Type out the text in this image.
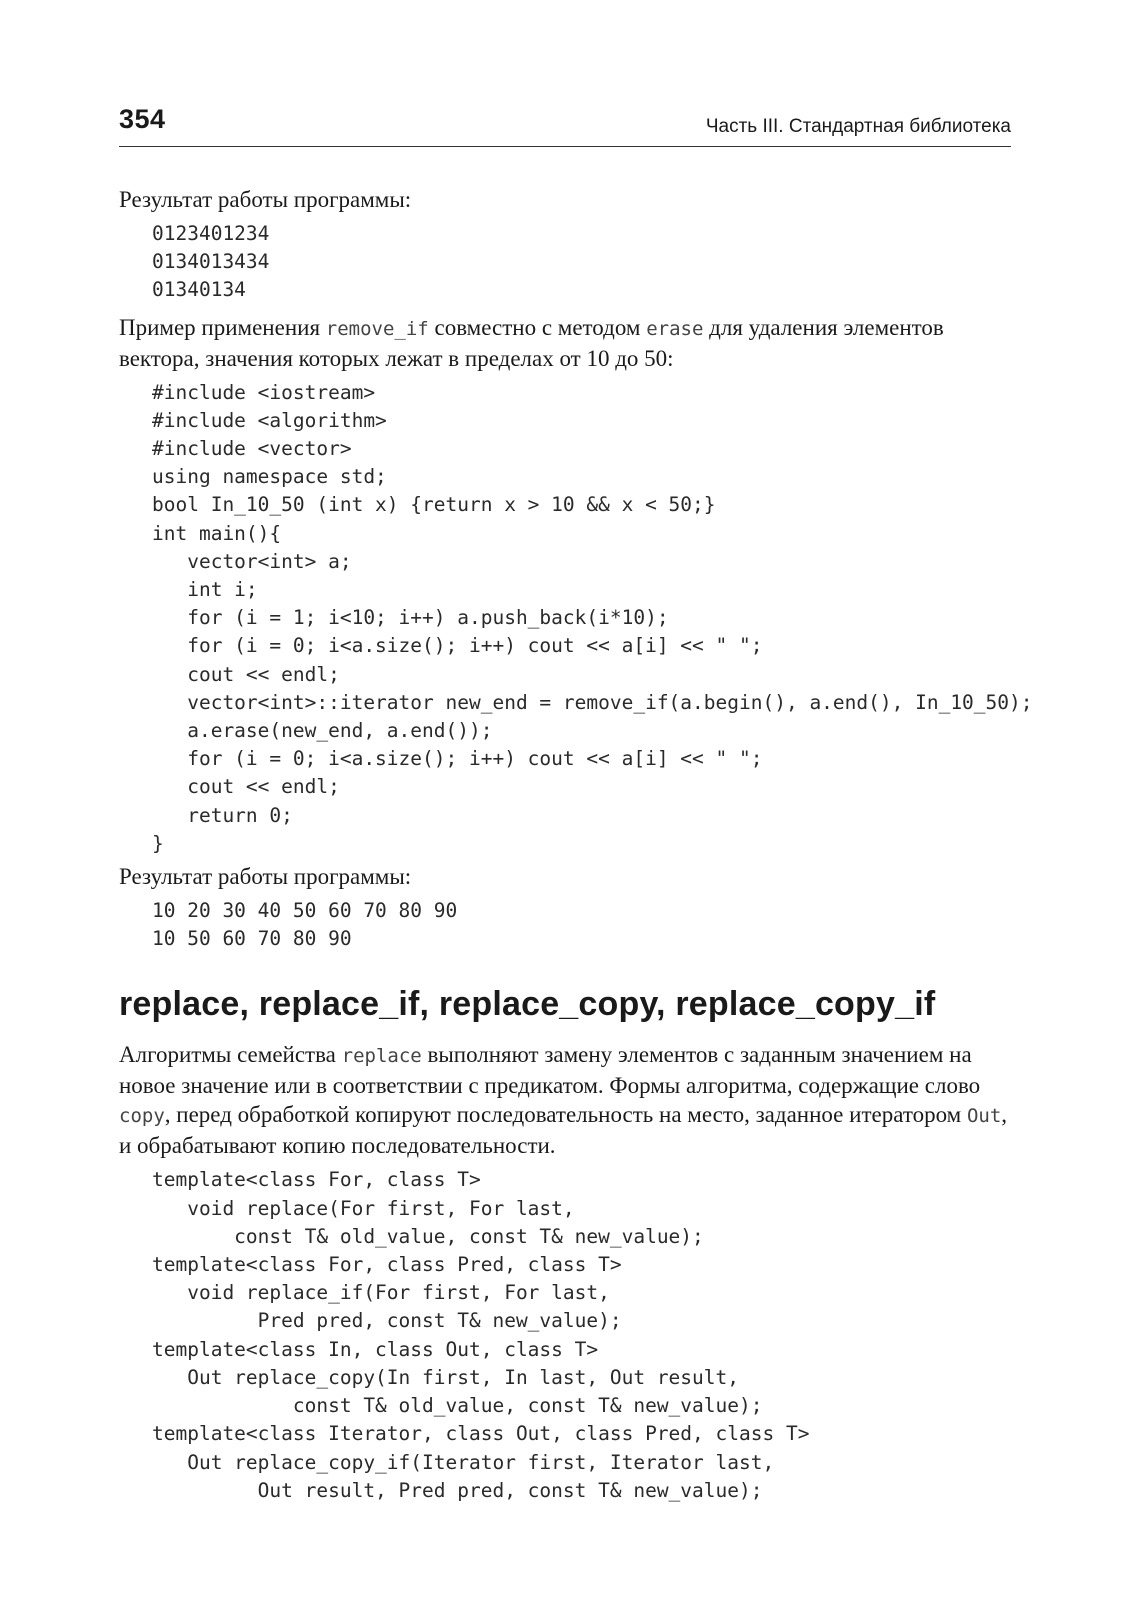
354	Часть III. Стандартная библиотека

Результат работы программы:

0123401234
0134013434
01340134

Пример применения remove_if совместно с методом erase для удаления элементов вектора, значения которых лежат в пределах от 10 до 50:

#include <iostream>
#include <algorithm>
#include <vector>
using namespace std;
bool In_10_50 (int x) {return x > 10 && x < 50;}
int main(){
vector<int> a;
int i;
for (i = 1; i<10; i++) a.push_back(i*10);
for (i = 0; i<a.size(); i++) cout << a[i] << " ";
cout << endl;
vector<int>::iterator new_end = remove_if(a.begin(), a.end(), In_10_50);
a.erase(new_end, a.end());
for (i = 0; i<a.size(); i++) cout << a[i] << " ";
cout << endl;
return 0;
}

Результат работы программы:

10 20 30 40 50 60 70 80 90
10 50 60 70 80 90
replace, replace_if, replace_copy, replace_copy_if

Алгоритмы семейства replace выполняют замену элементов с заданным значением на новое значение или в соответствии с предикатом. Формы алгоритма, содержащие слово copy, перед обработкой копируют последовательность на место, заданное итератором Out, и обрабатывают копию последовательности.

template<class For, class T>
void replace(For first, For last,
const T& old_value, const T& new_value);
template<class For, class Pred, class T>
void replace_if(For first, For last,
Pred pred, const T& new_value);
template<class In, class Out, class T>
Out replace_copy(In first, In last, Out result,
const T& old_value, const T& new_value);
template<class Iterator, class Out, class Pred, class T>
Out replace_copy_if(Iterator first, Iterator last,
Out result, Pred pred, const T& new_value);
